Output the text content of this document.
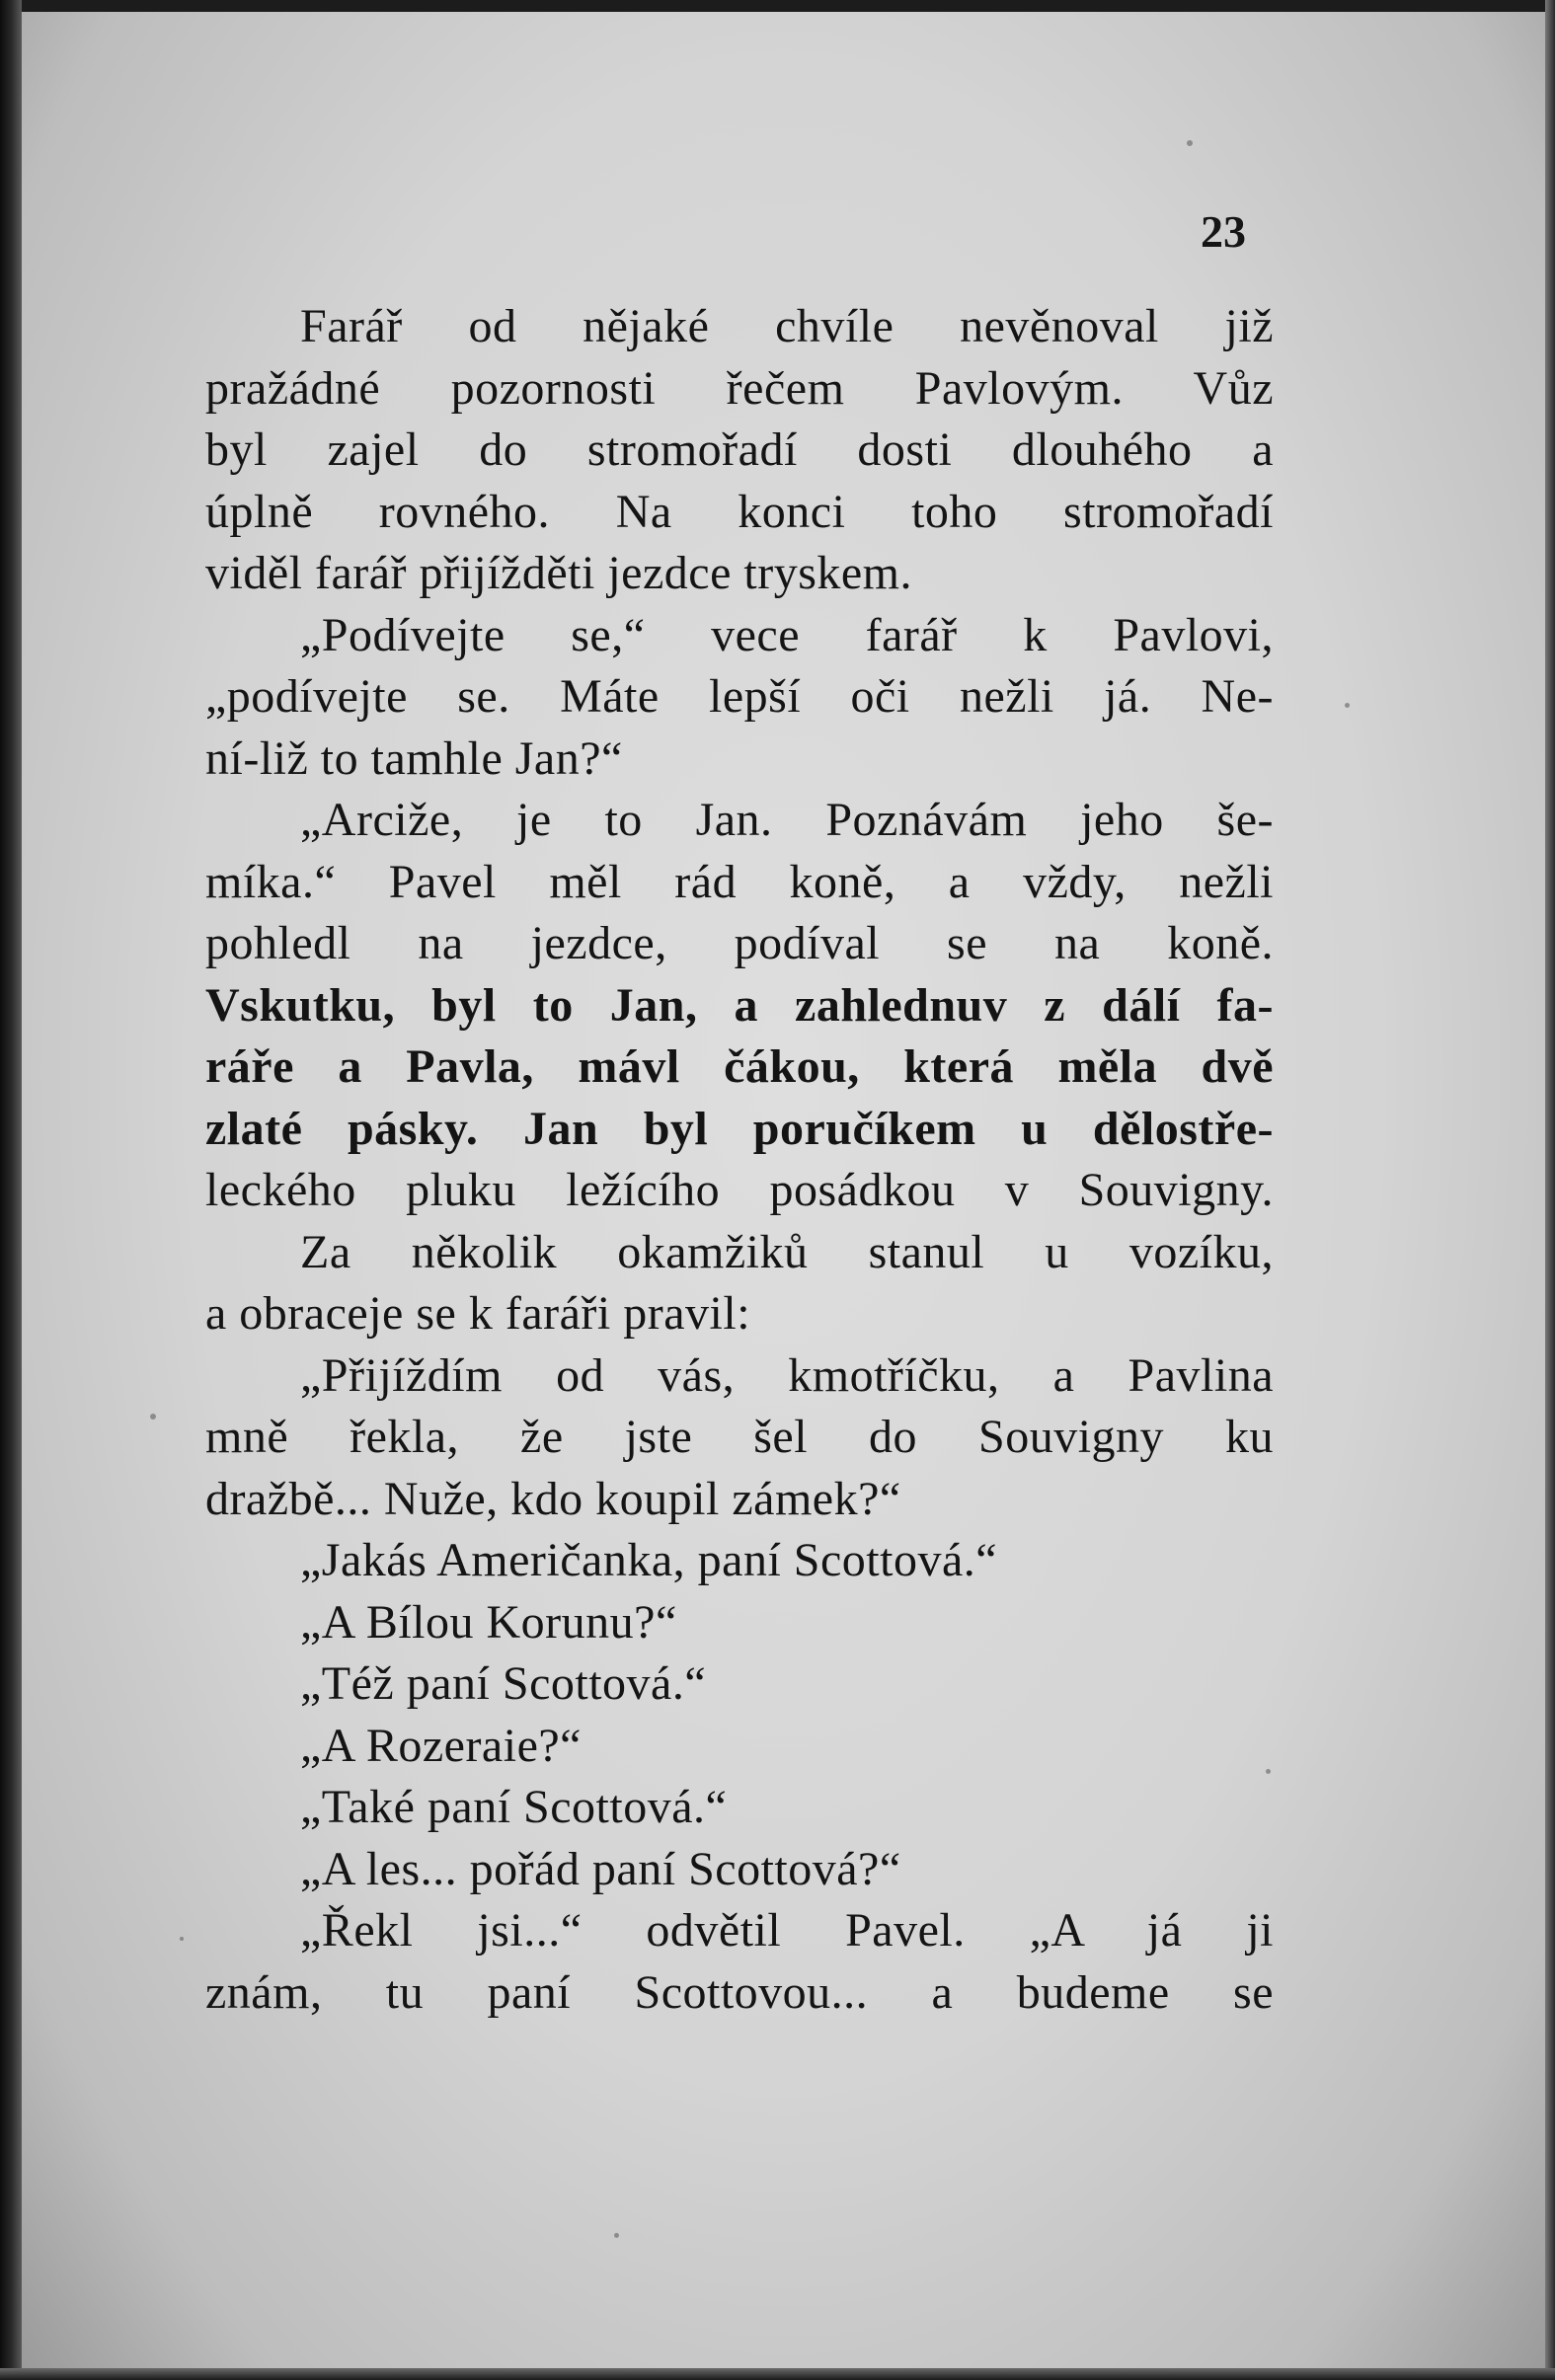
23
Farář od nějaké chvíle nevěnoval již
pražádné pozornosti řečem Pavlovým. Vůz
byl zajel do stromořadí dosti dlouhého a
úplně rovného. Na konci toho stromořadí
viděl farář přijížděti jezdce tryskem.
„Podívejte se,“ vece farář k Pavlovi,
„podívejte se. Máte lepší oči nežli já. Ne-
ní-liž to tamhle Jan?“
„Arciže, je to Jan. Poznávám jeho še-
míka.“ Pavel měl rád koně, a vždy, nežli
pohledl na jezdce, podíval se na koně.
Vskutku, byl to Jan, a zahlednuv z dálí fa-
ráře a Pavla, mávl čákou, která měla dvě
zlaté pásky. Jan byl poručíkem u dělostře-
leckého pluku ležícího posádkou v Souvigny.
Za několik okamžiků stanul u vozíku,
a obraceje se k faráři pravil:
„Přijíždím od vás, kmotříčku, a Pavlina
mně řekla, že jste šel do Souvigny ku
dražbě... Nuže, kdo koupil zámek?“
„Jakás Američanka, paní Scottová.“
„A Bílou Korunu?“
„Též paní Scottová.“
„A Rozeraie?“
„Také paní Scottová.“
„A les... pořád paní Scottová?“
„Řekl jsi...“ odvětil Pavel. „A já ji
znám, tu paní Scottovou... a budeme se
